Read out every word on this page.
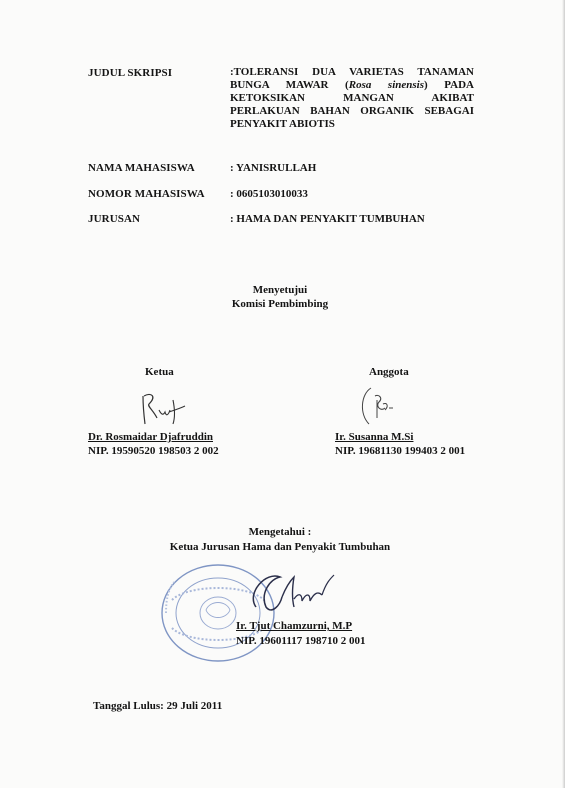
JUDUL SKRIPSI	:TOLERANSI DUA VARIETAS TANAMAN
BUNGA MAWAR (Rosa sinensis) PADA
KETOKSIKAN MANGAN AKIBAT
PERLAKUAN BAHAN ORGANIK SEBAGAI
PENYAKIT ABIOTIS
NAMA MAHASISWA	: YANISRULLAH
NOMOR MAHASISWA : 0605103010033
JURUSAN	: HAMA DAN PENYAKIT TUMBUHAN
Menyetujui
Komisi Pembimbing
Ketua
Dr. Rosmaidar Djafruddin
NIP. 19590520 198503 2 002
Anggota
Ir. Susanna M.Si
NIP. 19681130 199403 2 001
Mengetahui :
Ketua Jurusan Hama dan Penyakit Tumbuhan
Ir. Tjut Chamzurni, M.P
NIP. 19601117 198710 2 001
Tanggal Lulus: 29 Juli 2011
